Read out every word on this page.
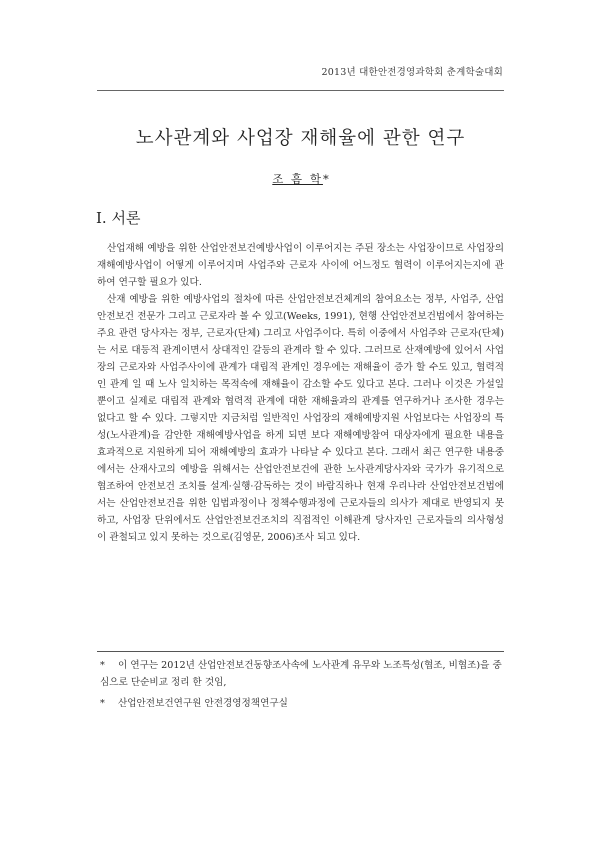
2013년 대한안전경영과학회 춘계학술대회
노사관계와 사업장 재해율에 관한 연구
조 흠 학*
I. 서론

산업재해 예방을 위한 산업안전보건예방사업이 이루어지는 주된 장소는 사업장이므로 사업장의 재해예방사업이 어떻게 이루어지며 사업주와 근로자 사이에 어느정도 협력이 이루어지는지에 관하여 연구할 필요가 있다.

산재 예방을 위한 예방사업의 절차에 따른 산업안전보건체계의 참여요소는 정부, 사업주, 산업안전보건 전문가 그리고 근로자라 볼 수 있고(Weeks, 1991), 현행 산업안전보건법에서 참여하는 주요 관련 당사자는 정부, 근로자(단체) 그리고 사업주이다. 특히 이중에서 사업주와 근로자(단체)는 서로 대등적 관계이면서 상대적인 갈등의 관계라 할 수 있다. 그러므로 산재예방에 있어서 사업장의 근로자와 사업주사이에 관계가 대립적 관계인 경우에는 재해율이 증가 할 수도 있고, 협력적인 관계 일 때 노사 일치하는 목적속에 재해율이 감소할 수도 있다고 본다. 그러나 이것은 가설일 뿐이고 실제로 대립적 관계와 협력적 관계에 대한 재해율과의 관계를 연구하거나 조사한 경우는 없다고 할 수 있다. 그렇지만 지금처럼 일반적인 사업장의 재해예방지원 사업보다는 사업장의 특성(노사관계)을 감안한 재해예방사업을 하게 되면 보다 재해예방참여 대상자에게 필요한 내용을 효과적으로 지원하게 되어 재해예방의 효과가 나타날 수 있다고 본다. 그래서 최근 연구한 내용중에서는 산재사고의 예방을 위해서는 산업안전보건에 관한 노사관계당사자와 국가가 유기적으로 협조하여 안전보건 조치를 설계·실행·감독하는 것이 바람직하나 현재 우리나라 산업안전보건법에서는 산업안전보건을 위한 입법과정이나 정책수행과정에 근로자들의 의사가 제대로 반영되지 못하고, 사업장 단위에서도 산업안전보건조치의 직접적인 이해관계 당사자인 근로자들의 의사형성이 관철되고 있지 못하는 것으로(김영문, 2006)조사 되고 있다.

* 이 연구는 2012년 산업안전보건동향조사속에 노사관계 유무와 노조특성(협조, 비협조)을 중심으로 단순비교 정리 한 것임,

* 산업안전보건연구원 안전경영정책연구실
